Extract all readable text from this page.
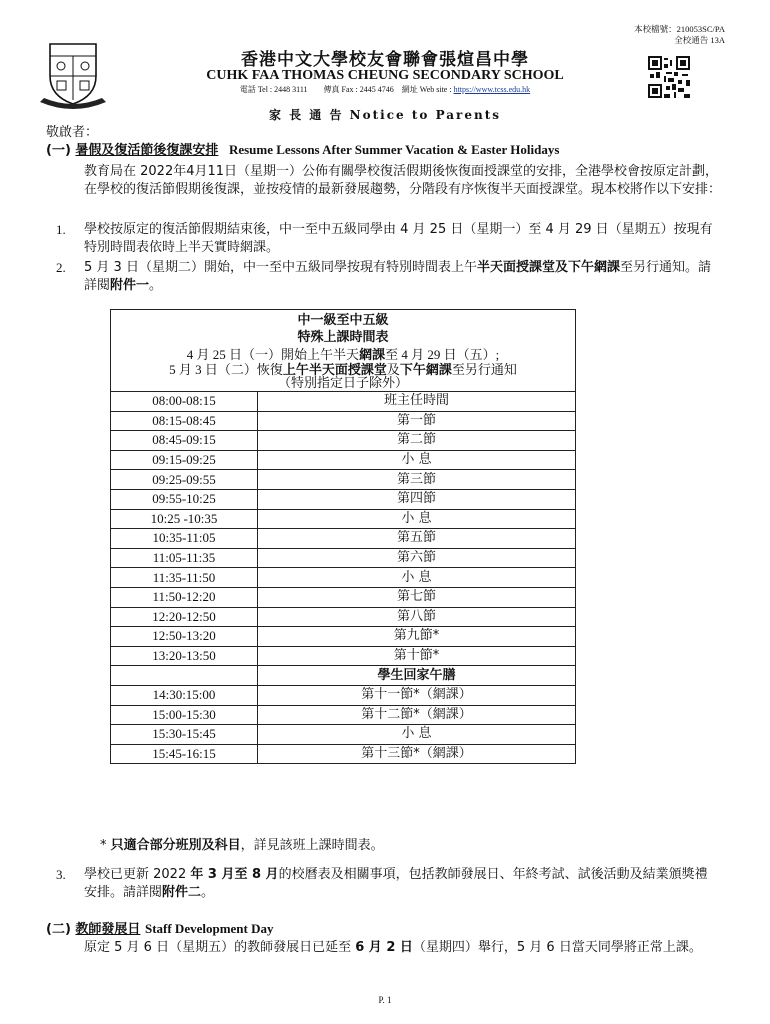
本校檔號：210053SC/PA
全校通告 13A
香港中文大學校友會聯會張煊昌中學
CUHK FAA THOMAS CHEUNG SECONDARY SCHOOL
電話 Tel : 2448 3111　　傳真 Fax : 2445 4746　網址 Web site : https://www.tcss.edu.hk
家 長 通 告 Notice to Parents
敬啟者：
(一) 暑假及復活節後復課安排 Resume Lessons After Summer Vacation & Easter Holidays
教育局在 2022年4月11日（星期一）公佈有關學校復活假期後恢復面授課堂的安排，全港學校會按原定計劃，在學校的復活節假期後復課，並按疫情的最新發展趨勢，分階段有序恢復半天面授課堂。現本校將作以下安排：
1. 學校按原定的復活節假期結束後，中一至中五級同學由 4 月 25 日（星期一）至 4 月 29 日（星期五）按現有特別時間表依時上半天實時網課。
2. 5 月 3 日（星期二）開始，中一至中五級同學按現有特別時間表上午半天面授課堂及下午網課至另行通知。請詳閱附件一。
中一級至中五級
特殊上課時間表
4 月 25 日（一）開始上午半天網課至 4 月 29 日（五）;
5 月 3 日（二）恢復上午半天面授課堂及下午網課至另行通知
（特別指定日子除外）	

08:00-08:15	班主任時間
08:15-08:45	第一節
08:45-09:15	第二節
09:15-09:25	小 息
09:25-09:55	第三節
09:55-10:25	第四節
10:25 -10:35	小 息
10:35-11:05	第五節
11:05-11:35	第六節
11:35-11:50	小 息
11:50-12:20	第七節
12:20-12:50	第八節
12:50-13:20	第九節*
13:20-13:50	第十節*
	學生回家午膳
14:30:15:00	第十一節*（網課）
15:00-15:30	第十二節*（網課）
15:30-15:45	小 息
15:45-16:15	第十三節*（網課）
* 只適合部分班別及科目，詳見該班上課時間表。
3. 學校已更新 2022 年 3 月至 8 月的校曆表及相關事項，包括教師發展日、年終考試、試後活動及結業頒獎禮安排。請詳閱附件二。
(二) 教師發展日 Staff Development Day
原定 5 月 6 日（星期五）的教師發展日已延至 6 月 2 日（星期四）舉行，5 月 6 日當天同學將正常上課。
P. 1
